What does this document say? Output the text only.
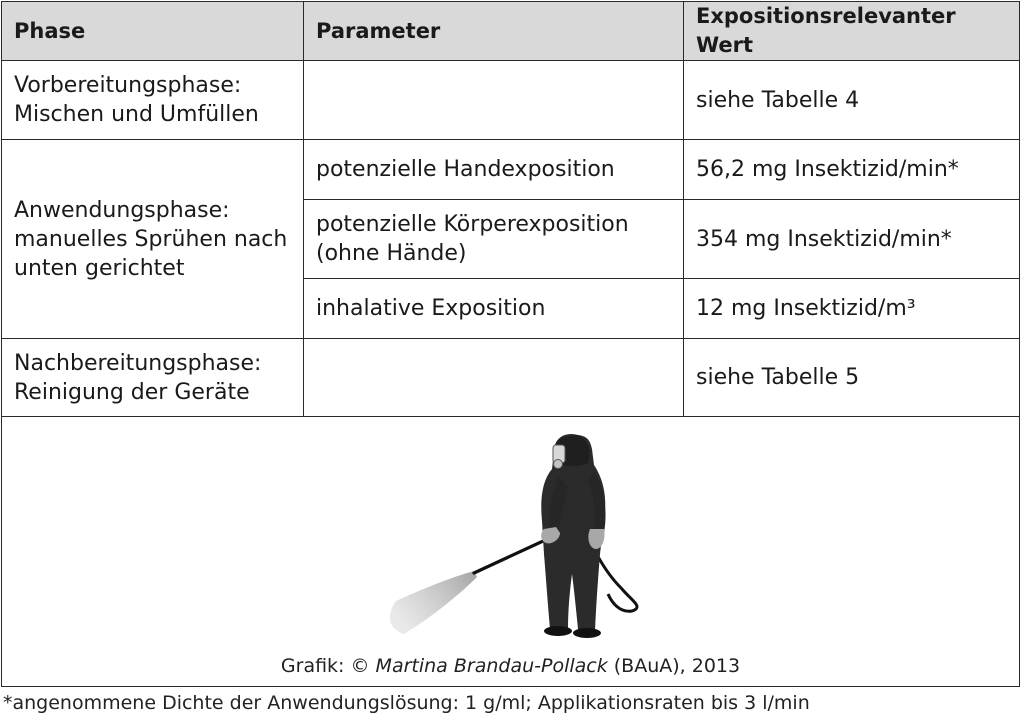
Phase	Parameter	Expositionsrelevanter Wert

Vorbereitungsphase:
Mischen und Umfüllen		siehe Tabelle 4

Anwendungsphase:
manuelles Sprühen nach
unten gerichtet	potenzielle Handexposition	56,2 mg Insektizid/min*

	potenzielle Körperexposition
(ohne Hände)	354 mg Insektizid/min*
	inhalative Exposition	12 mg Insektizid/m³

Nachbereitungsphase:
Reinigung der Geräte		siehe Tabelle 5
Grafik: © Martina Brandau-Pollack (BAuA), 2013
*angenommene Dichte der Anwendungslösung: 1 g/ml; Applikationsraten bis 3 l/min
